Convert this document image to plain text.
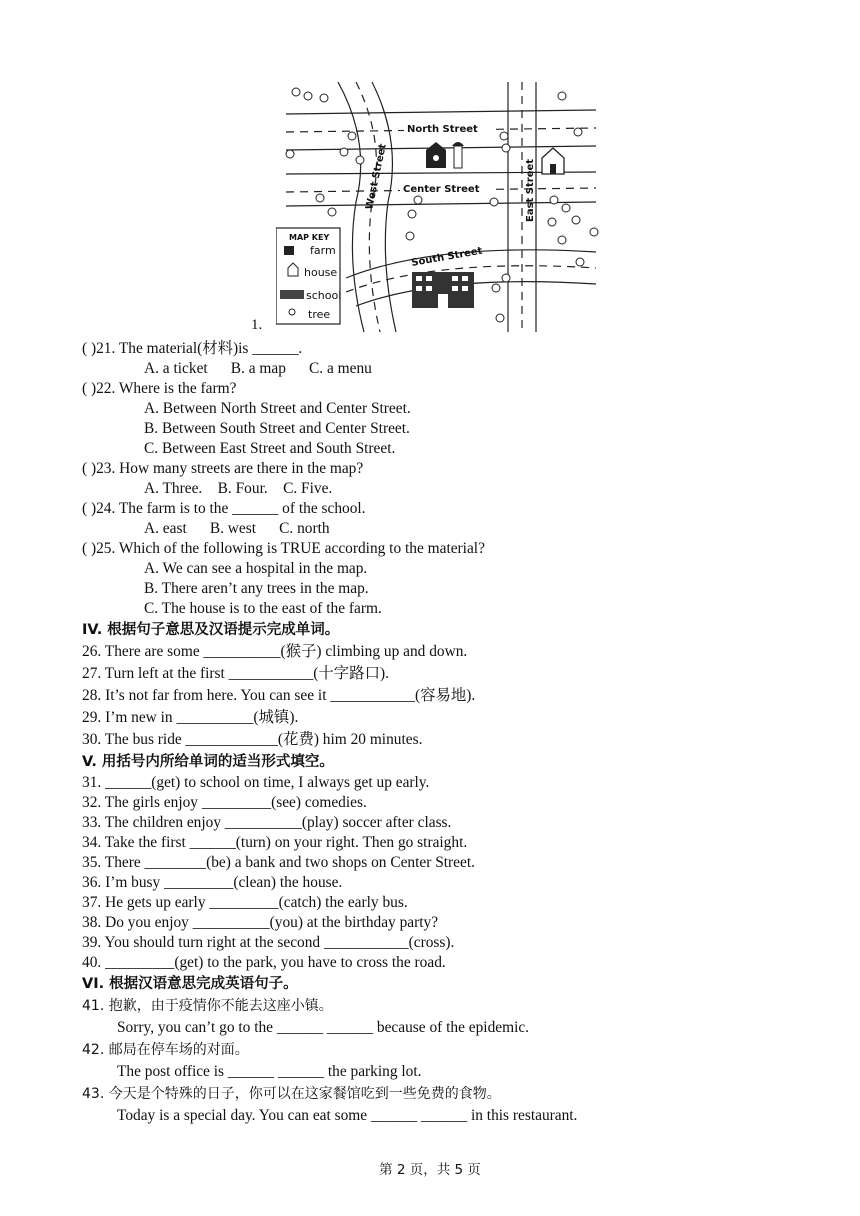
North Street
Center Street
West Street	East Street
South Street
MAP KEY
farm
house
school
tree
1.
( )21. The material(材料)is ______.
A. a ticket B. a map C. a menu
( )22. Where is the farm?
A. Between North Street and Center Street.
B. Between South Street and Center Street.
C. Between East Street and South Street.
( )23. How many streets are there in the map?
A. Three. B. Four. C. Five.
( )24. The farm is to the ______ of the school.
A. east B. west C. north
( )25. Which of the following is TRUE according to the material?
A. We can see a hospital in the map.
B. There aren’t any trees in the map.
C. The house is to the east of the farm.
IV. 根据句子意思及汉语提示完成单词。
26. There are some __________(猴子) climbing up and down.
27. Turn left at the first ___________(十字路口).
28. It’s not far from here. You can see it ___________(容易地).
29. I’m new in __________(城镇).
30. The bus ride ____________(花费) him 20 minutes.
V. 用括号内所给单词的适当形式填空。
31. ______(get) to school on time, I always get up early.
32. The girls enjoy _________(see) comedies.
33. The children enjoy __________(play) soccer after class.
34. Take the first ______(turn) on your right. Then go straight.
35. There ________(be) a bank and two shops on Center Street.
36. I’m busy _________(clean) the house.
37. He gets up early _________(catch) the early bus.
38. Do you enjoy __________(you) at the birthday party?
39. You should turn right at the second ___________(cross).
40. _________(get) to the park, you have to cross the road.
VI. 根据汉语意思完成英语句子。
41. 抱歉，由于疫情你不能去这座小镇。
Sorry, you can’t go to the ______ ______ because of the epidemic.
42. 邮局在停车场的对面。
The post office is ______ ______ the parking lot.
43. 今天是个特殊的日子，你可以在这家餐馆吃到一些免费的食物。
Today is a special day. You can eat some ______ ______ in this restaurant.
第 2 页，共 5 页
